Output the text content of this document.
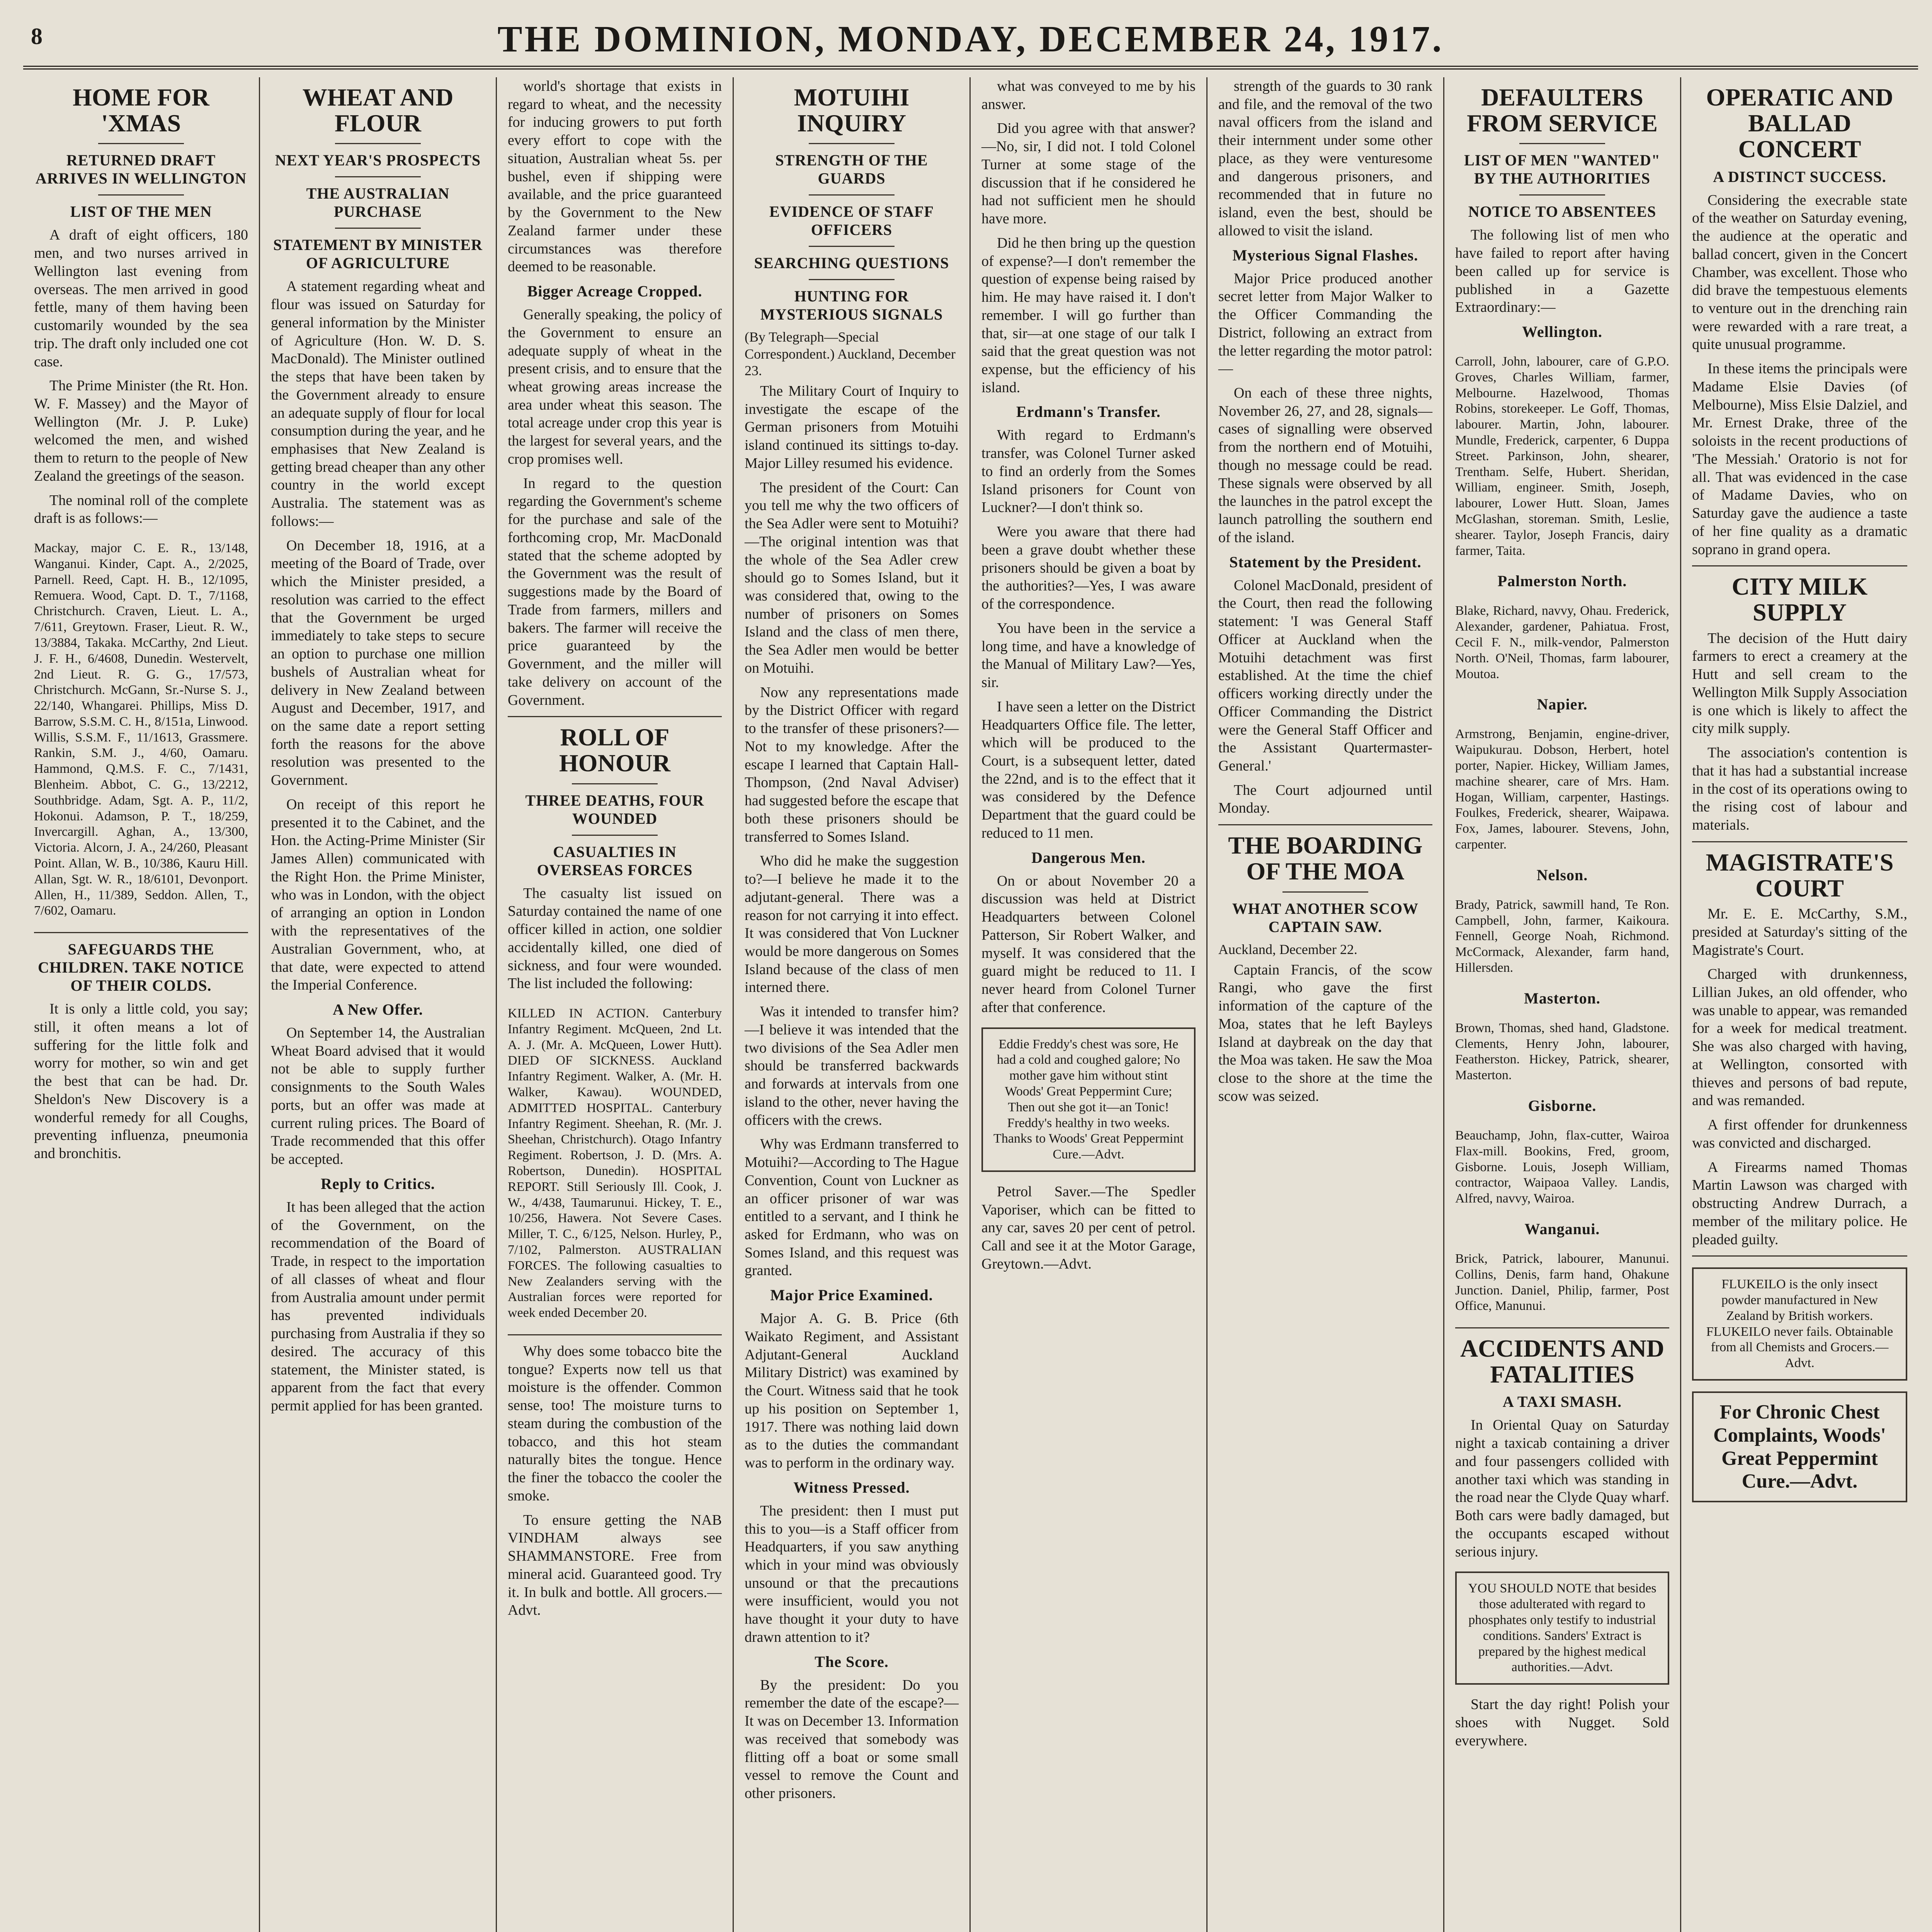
8	THE DOMINION, MONDAY, DECEMBER 24, 1917.
HOME FOR 'XMAS
RETURNED DRAFT ARRIVES IN WELLINGTON
LIST OF THE MEN

A draft of eight officers, 180 men, and two nurses arrived in Wellington last evening from overseas. The men arrived in good fettle, many of them having been customarily wounded by the sea trip. The draft only included one cot case.

The Prime Minister (the Rt. Hon. W. F. Massey) and the Mayor of Wellington (Mr. J. P. Luke) welcomed the men, and wished them to return to the people of New Zealand the greetings of the season.

The nominal roll of the complete draft is as follows:—

Mackay, major C. E. R., 13/148, Wanganui. Kinder, Capt. A., 2/2025, Parnell. Reed, Capt. H. B., 12/1095, Remuera. Wood, Capt. D. T., 7/1168, Christchurch. Craven, Lieut. L. A., 7/611, Greytown. Fraser, Lieut. R. W., 13/3884, Takaka. McCarthy, 2nd Lieut. J. F. H., 6/4608, Dunedin. Westervelt, 2nd Lieut. R. G. G., 17/573, Christchurch. McGann, Sr.-Nurse S. J., 22/140, Whangarei. Phillips, Miss D. Barrow, S.S.M. C. H., 8/151a, Linwood. Willis, S.S.M. F., 11/1613, Grassmere. Rankin, S.M. J., 4/60, Oamaru. Hammond, Q.M.S. F. C., 7/1431, Blenheim. Abbot, C. G., 13/2212, Southbridge. Adam, Sgt. A. P., 11/2, Hokonui. Adamson, P. T., 18/259, Invercargill. Aghan, A., 13/300, Victoria. Alcorn, J. A., 24/260, Pleasant Point. Allan, W. B., 10/386, Kauru Hill. Allan, Sgt. W. R., 18/6101, Devonport. Allen, H., 11/389, Seddon. Allen, T., 7/602, Oamaru.

SAFEGUARDS THE CHILDREN. TAKE NOTICE OF THEIR COLDS.

It is only a little cold, you say; still, it often means a lot of suffering for the little folk and worry for mother, so win and get the best that can be had. Dr. Sheldon's New Discovery is a wonderful remedy for all Coughs, preventing influenza, pneumonia and bronchitis.

WHEAT AND FLOUR
NEXT YEAR'S PROSPECTS
THE AUSTRALIAN PURCHASE
STATEMENT BY MINISTER OF AGRICULTURE

A statement regarding wheat and flour was issued on Saturday for general information by the Minister of Agriculture (Hon. W. D. S. MacDonald). The Minister outlined the steps that have been taken by the Government already to ensure an adequate supply of flour for local consumption during the year, and he emphasises that New Zealand is getting bread cheaper than any other country in the world except Australia. The statement was as follows:—

On December 18, 1916, at a meeting of the Board of Trade, over which the Minister presided, a resolution was carried to the effect that the Government be urged immediately to take steps to secure an option to purchase one million bushels of Australian wheat for delivery in New Zealand between August and December, 1917, and on the same date a report setting forth the reasons for the above resolution was presented to the Government.

On receipt of this report he presented it to the Cabinet, and the Hon. the Acting-Prime Minister (Sir James Allen) communicated with the Right Hon. the Prime Minister, who was in London, with the object of arranging an option in London with the representatives of the Australian Government, who, at that date, were expected to attend the Imperial Conference.

A New Offer.

On September 14, the Australian Wheat Board advised that it would not be able to supply further consignments to the South Wales ports, but an offer was made at current ruling prices. The Board of Trade recommended that this offer be accepted.

Reply to Critics.

It has been alleged that the action of the Government, on the recommendation of the Board of Trade, in respect to the importation of all classes of wheat and flour from Australia amount under permit has prevented individuals purchasing from Australia if they so desired. The accuracy of this statement, the Minister stated, is apparent from the fact that every permit applied for has been granted.

world's shortage that exists in regard to wheat, and the necessity for inducing growers to put forth every effort to cope with the situation, Australian wheat 5s. per bushel, even if shipping were available, and the price guaranteed by the Government to the New Zealand farmer under these circumstances was therefore deemed to be reasonable.

Bigger Acreage Cropped.

Generally speaking, the policy of the Government to ensure an adequate supply of wheat in the present crisis, and to ensure that the wheat growing areas increase the area under wheat this season. The total acreage under crop this year is the largest for several years, and the crop promises well.

In regard to the question regarding the Government's scheme for the purchase and sale of the forthcoming crop, Mr. MacDonald stated that the scheme adopted by the Government was the result of suggestions made by the Board of Trade from farmers, millers and bakers. The farmer will receive the price guaranteed by the Government, and the miller will take delivery on account of the Government.

ROLL OF HONOUR
THREE DEATHS, FOUR WOUNDED
CASUALTIES IN OVERSEAS FORCES

The casualty list issued on Saturday contained the name of one officer killed in action, one soldier accidentally killed, one died of sickness, and four were wounded. The list included the following:

KILLED IN ACTION. Canterbury Infantry Regiment. McQueen, 2nd Lt. A. J. (Mr. A. McQueen, Lower Hutt). DIED OF SICKNESS. Auckland Infantry Regiment. Walker, A. (Mr. H. Walker, Kawau). WOUNDED, ADMITTED HOSPITAL. Canterbury Infantry Regiment. Sheehan, R. (Mr. J. Sheehan, Christchurch). Otago Infantry Regiment. Robertson, J. D. (Mrs. A. Robertson, Dunedin). HOSPITAL REPORT. Still Seriously Ill. Cook, J. W., 4/438, Taumarunui. Hickey, T. E., 10/256, Hawera. Not Severe Cases. Miller, T. C., 6/125, Nelson. Hurley, P., 7/102, Palmerston. AUSTRALIAN FORCES. The following casualties to New Zealanders serving with the Australian forces were reported for week ended December 20.

Why does some tobacco bite the tongue? Experts now tell us that moisture is the offender. Common sense, too! The moisture turns to steam during the combustion of the tobacco, and this hot steam naturally bites the tongue. Hence the finer the tobacco the cooler the smoke.

To ensure getting the NAB VINDHAM always see SHAMMANSTORE. Free from mineral acid. Guaranteed good. Try it. In bulk and bottle. All grocers.—Advt.

MOTUIHI INQUIRY
STRENGTH OF THE GUARDS
EVIDENCE OF STAFF OFFICERS
SEARCHING QUESTIONS
HUNTING FOR MYSTERIOUS SIGNALS

(By Telegraph—Special Correspondent.) Auckland, December 23.

The Military Court of Inquiry to investigate the escape of the German prisoners from Motuihi island continued its sittings to-day. Major Lilley resumed his evidence.

The president of the Court: Can you tell me why the two officers of the Sea Adler were sent to Motuihi?—The original intention was that the whole of the Sea Adler crew should go to Somes Island, but it was considered that, owing to the number of prisoners on Somes Island and the class of men there, the Sea Adler men would be better on Motuihi.

Now any representations made by the District Officer with regard to the transfer of these prisoners?—Not to my knowledge. After the escape I learned that Captain Hall-Thompson, (2nd Naval Adviser) had suggested before the escape that both these prisoners should be transferred to Somes Island.

Who did he make the suggestion to?—I believe he made it to the adjutant-general. There was a reason for not carrying it into effect. It was considered that Von Luckner would be more dangerous on Somes Island because of the class of men interned there.

Was it intended to transfer him?—I believe it was intended that the two divisions of the Sea Adler men should be transferred backwards and forwards at intervals from one island to the other, never having the officers with the crews.

Why was Erdmann transferred to Motuihi?—According to The Hague Convention, Count von Luckner as an officer prisoner of war was entitled to a servant, and I think he asked for Erdmann, who was on Somes Island, and this request was granted.

Major Price Examined.

Major A. G. B. Price (6th Waikato Regiment, and Assistant Adjutant-General Auckland Military District) was examined by the Court. Witness said that he took up his position on September 1, 1917. There was nothing laid down as to the duties the commandant was to perform in the ordinary way.

Witness Pressed.

The president: then I must put this to you—is a Staff officer from Headquarters, if you saw anything which in your mind was obviously unsound or that the precautions were insufficient, would you not have thought it your duty to have drawn attention to it?

The Score.

By the president: Do you remember the date of the escape?—It was on December 13. Information was received that somebody was flitting off a boat or some small vessel to remove the Count and other prisoners.

what was conveyed to me by his answer.

Did you agree with that answer?—No, sir, I did not. I told Colonel Turner at some stage of the discussion that if he considered he had not sufficient men he should have more.

Did he then bring up the question of expense?—I don't remember the question of expense being raised by him. He may have raised it. I don't remember. I will go further than that, sir—at one stage of our talk I said that the great question was not expense, but the efficiency of his island.

Erdmann's Transfer.

With regard to Erdmann's transfer, was Colonel Turner asked to find an orderly from the Somes Island prisoners for Count von Luckner?—I don't think so.

Were you aware that there had been a grave doubt whether these prisoners should be given a boat by the authorities?—Yes, I was aware of the correspondence.

You have been in the service a long time, and have a knowledge of the Manual of Military Law?—Yes, sir.

I have seen a letter on the District Headquarters Office file. The letter, which will be produced to the Court, is a subsequent letter, dated the 22nd, and is to the effect that it was considered by the Defence Department that the guard could be reduced to 11 men.

Dangerous Men.

On or about November 20 a discussion was held at District Headquarters between Colonel Patterson, Sir Robert Walker, and myself. It was considered that the guard might be reduced to 11. I never heard from Colonel Turner after that conference.

Eddie Freddy's chest was sore, He had a cold and coughed galore; No mother gave him without stint Woods' Great Peppermint Cure; Then out she got it—an Tonic! Freddy's healthy in two weeks. Thanks to Woods' Great Peppermint Cure.—Advt.

Petrol Saver.—The Spedler Vaporiser, which can be fitted to any car, saves 20 per cent of petrol. Call and see it at the Motor Garage, Greytown.—Advt.

strength of the guards to 30 rank and file, and the removal of the two naval officers from the island and their internment under some other place, as they were venturesome and dangerous prisoners, and recommended that in future no island, even the best, should be allowed to visit the island.

Mysterious Signal Flashes.

Major Price produced another secret letter from Major Walker to the Officer Commanding the District, following an extract from the letter regarding the motor patrol:—

On each of these three nights, November 26, 27, and 28, signals—cases of signalling were observed from the northern end of Motuihi, though no message could be read. These signals were observed by all the launches in the patrol except the launch patrolling the southern end of the island.

Statement by the President.

Colonel MacDonald, president of the Court, then read the following statement: 'I was General Staff Officer at Auckland when the Motuihi detachment was first established. At the time the chief officers working directly under the Officer Commanding the District were the General Staff Officer and the Assistant Quartermaster-General.'

The Court adjourned until Monday.

THE BOARDING OF THE MOA
WHAT ANOTHER SCOW CAPTAIN SAW.

Auckland, December 22.

Captain Francis, of the scow Rangi, who gave the first information of the capture of the Moa, states that he left Bayleys Island at daybreak on the day that the Moa was taken. He saw the Moa close to the shore at the time the scow was seized.

DEFAULTERS FROM SERVICE
LIST OF MEN "WANTED" BY THE AUTHORITIES
NOTICE TO ABSENTEES

The following list of men who have failed to report after having been called up for service is published in a Gazette Extraordinary:—

Wellington.

Carroll, John, labourer, care of G.P.O. Groves, Charles William, farmer, Melbourne. Hazelwood, Thomas Robins, storekeeper. Le Goff, Thomas, labourer. Martin, John, labourer. Mundle, Frederick, carpenter, 6 Duppa Street. Parkinson, John, shearer, Trentham. Selfe, Hubert. Sheridan, William, engineer. Smith, Joseph, labourer, Lower Hutt. Sloan, James McGlashan, storeman. Smith, Leslie, shearer. Taylor, Joseph Francis, dairy farmer, Taita.

Palmerston North.

Blake, Richard, navvy, Ohau. Frederick, Alexander, gardener, Pahiatua. Frost, Cecil F. N., milk-vendor, Palmerston North. O'Neil, Thomas, farm labourer, Moutoa.

Napier.

Armstrong, Benjamin, engine-driver, Waipukurau. Dobson, Herbert, hotel porter, Napier. Hickey, William James, machine shearer, care of Mrs. Ham. Hogan, William, carpenter, Hastings. Foulkes, Frederick, shearer, Waipawa. Fox, James, labourer. Stevens, John, carpenter.

Nelson.

Brady, Patrick, sawmill hand, Te Ron. Campbell, John, farmer, Kaikoura. Fennell, George Noah, Richmond. McCormack, Alexander, farm hand, Hillersden.

Masterton.

Brown, Thomas, shed hand, Gladstone. Clements, Henry John, labourer, Featherston. Hickey, Patrick, shearer, Masterton.

Gisborne.

Beauchamp, John, flax-cutter, Wairoa Flax-mill. Bookins, Fred, groom, Gisborne. Louis, Joseph William, contractor, Waipaoa Valley. Landis, Alfred, navvy, Wairoa.

Wanganui.

Brick, Patrick, labourer, Manunui. Collins, Denis, farm hand, Ohakune Junction. Daniel, Philip, farmer, Post Office, Manunui.

ACCIDENTS AND FATALITIES
A TAXI SMASH.

In Oriental Quay on Saturday night a taxicab containing a driver and four passengers collided with another taxi which was standing in the road near the Clyde Quay wharf. Both cars were badly damaged, but the occupants escaped without serious injury.

YOU SHOULD NOTE that besides those adulterated with regard to phosphates only testify to industrial conditions. Sanders' Extract is prepared by the highest medical authorities.—Advt.

Start the day right! Polish your shoes with Nugget. Sold everywhere.

OPERATIC AND BALLAD CONCERT
A DISTINCT SUCCESS.

Considering the execrable state of the weather on Saturday evening, the audience at the operatic and ballad concert, given in the Concert Chamber, was excellent. Those who did brave the tempestuous elements to venture out in the drenching rain were rewarded with a rare treat, a quite unusual programme.

In these items the principals were Madame Elsie Davies (of Melbourne), Miss Elsie Dalziel, and Mr. Ernest Drake, three of the soloists in the recent productions of 'The Messiah.' Oratorio is not for all. That was evidenced in the case of Madame Davies, who on Saturday gave the audience a taste of her fine quality as a dramatic soprano in grand opera.

CITY MILK SUPPLY

The decision of the Hutt dairy farmers to erect a creamery at the Hutt and sell cream to the Wellington Milk Supply Association is one which is likely to affect the city milk supply.

The association's contention is that it has had a substantial increase in the cost of its operations owing to the rising cost of labour and materials.

MAGISTRATE'S COURT

Mr. E. E. McCarthy, S.M., presided at Saturday's sitting of the Magistrate's Court.

Charged with drunkenness, Lillian Jukes, an old offender, who was unable to appear, was remanded for a week for medical treatment. She was also charged with having, at Wellington, consorted with thieves and persons of bad repute, and was remanded.

A first offender for drunkenness was convicted and discharged.

A Firearms named Thomas Martin Lawson was charged with obstructing Andrew Durrach, a member of the military police. He pleaded guilty.

FLUKEILO is the only insect powder manufactured in New Zealand by British workers. FLUKEILO never fails. Obtainable from all Chemists and Grocers.—Advt.
For Chronic Chest Complaints, Woods' Great Peppermint Cure.—Advt.
